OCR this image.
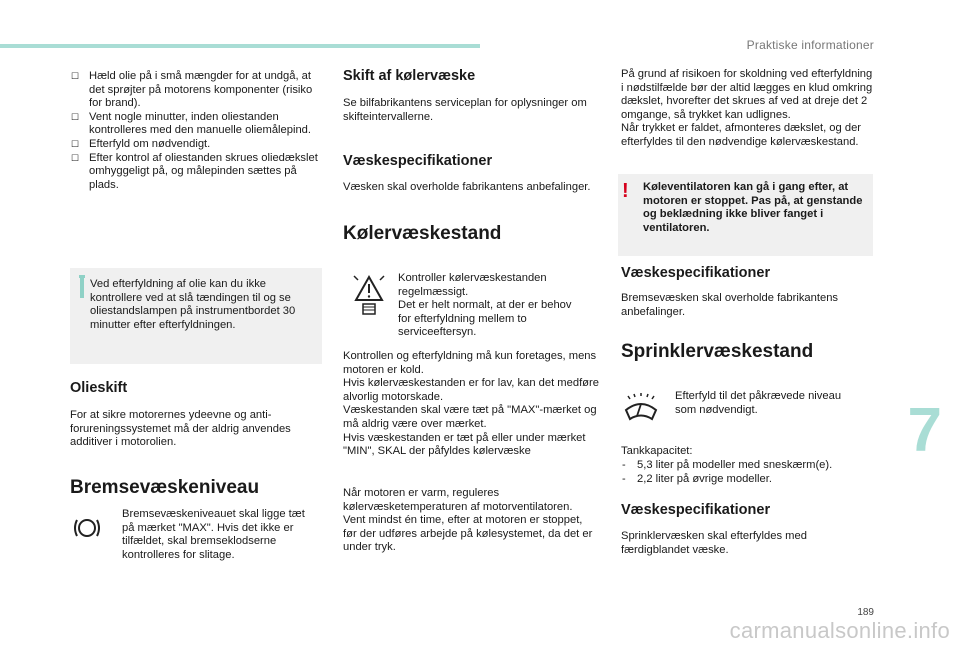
Praktiske informationer
☐ Hæld olie på i små mængder for at undgå, at det sprøjter på motorens komponenter (risiko for brand).
☐ Vent nogle minutter, inden oliestanden kontrolleres med den manuelle oliemålepind.
☐ Efterfyld om nødvendigt.
☐ Efter kontrol af oliestanden skrues oliedækslet omhyggeligt på, og målepinden sættes på plads.

Ved efterfyldning af olie kan du ikke kontrollere ved at slå tændingen til og se oliestandslampen på instrumentbordet 30 minutter efter efterfyldningen.

Olieskift

For at sikre motorernes ydeevne og anti-forureningssystemet må der aldrig anvendes additiver i motorolien.

Bremsevæskeniveau

Bremsevæskeniveauet skal ligge tæt på mærket "MAX". Hvis det ikke er tilfældet, skal bremseklodserne kontrolleres for slitage.

Skift af kølervæske

Se bilfabrikantens serviceplan for oplysninger om skifteintervallerne.

Væskespecifikationer

Væsken skal overholde fabrikantens anbefalinger.

Kølervæskestand

Kontroller kølervæskestanden regelmæssigt.
Det er helt normalt, at der er behov for efterfyldning mellem to serviceeftersyn.

Kontrollen og efterfyldning må kun foretages, mens motoren er kold.
Hvis kølervæskestanden er for lav, kan det medføre alvorlig motorskade.
Væskestanden skal være tæt på "MAX"-mærket og må aldrig være over mærket.
Hvis væskestanden er tæt på eller under mærket "MIN", SKAL der påfyldes kølervæske

Når motoren er varm, reguleres kølervæsketemperaturen af motorventilatoren.
Vent mindst én time, efter at motoren er stoppet, før der udføres arbejde på kølesystemet, da det er under tryk.

På grund af risikoen for skoldning ved efterfyldning i nødstilfælde bør der altid lægges en klud omkring dækslet, hvorefter det skrues af ved at dreje det 2 omgange, så trykket kan udlignes.
Når trykket er faldet, afmonteres dækslet, og der efterfyldes til den nødvendige kølervæskestand.

! Køleventilatoren kan gå i gang efter, at motoren er stoppet. Pas på, at genstande og beklædning ikke bliver fanget i ventilatoren.

Væskespecifikationer

Bremsevæsken skal overholde fabrikantens anbefalinger.

Sprinklervæskestand

Efterfyld til det påkrævede niveau som nødvendigt.

Tankkapacitet:

- 5,3 liter på modeller med sneskærm(e).
- 2,2 liter på øvrige modeller.
Væskespecifikationer

Sprinklervæsken skal efterfyldes med færdigblandet væske.

7
189
carmanualsonline.info
